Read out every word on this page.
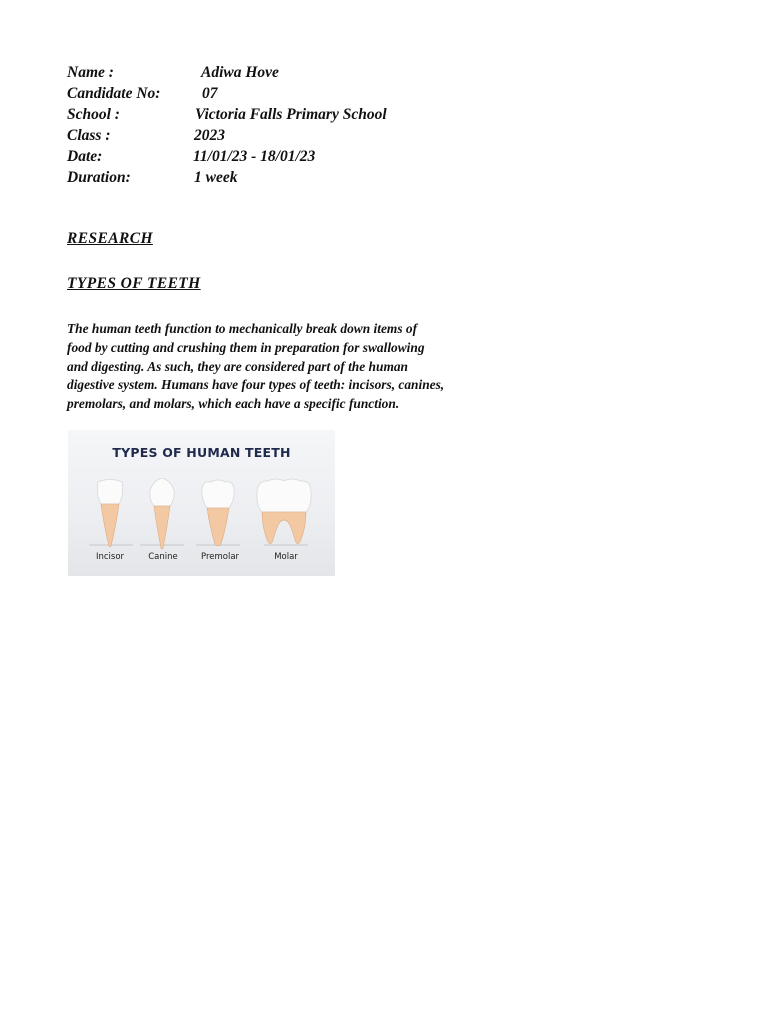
Name :	Adiwa Hove
Candidate No:	07
School :	Victoria Falls Primary School
Class :	2023
Date:	11/01/23 - 18/01/23
Duration:	1 week
RESEARCH
TYPES OF TEETH
The human teeth function to mechanically break down items of
food by cutting and crushing them in preparation for swallowing
and digesting. As such, they are considered part of the human
digestive system. Humans have four types of teeth: incisors, canines,
premolars, and molars, which each have a specific function.
TYPES OF HUMAN TEETH
Incisor	Canine	Premolar	Molar
